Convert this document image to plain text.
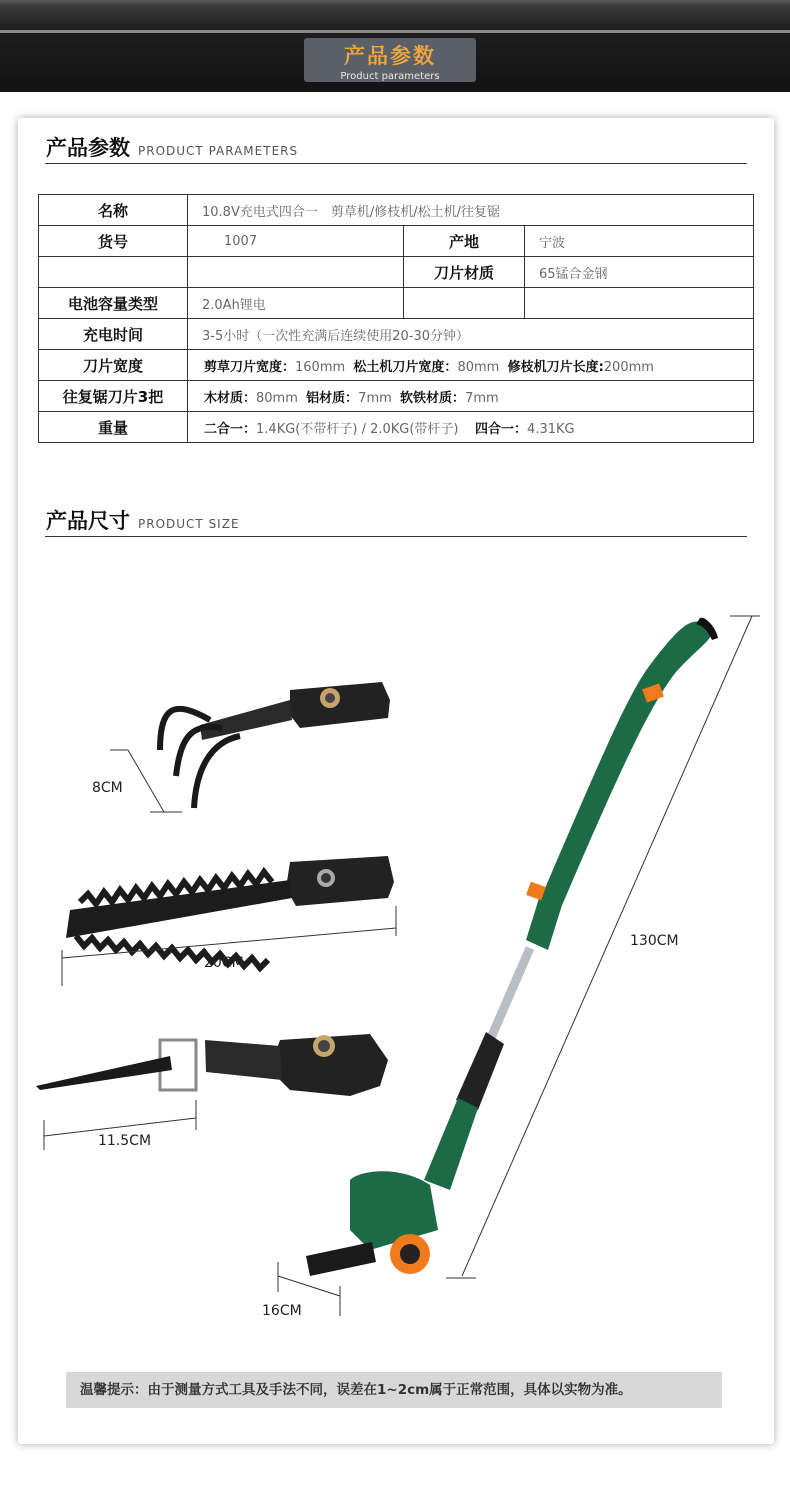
产品参数
Product parameters
产品参数 PRODUCT PARAMETERS
名称	10.8V充电式四合一　剪草机/修枝机/松土机/往复锯		
货号	1007	产地	宁波
		刀片材质	65锰合金钢
电池容量类型	2.0Ah锂电		
充电时间	3-5小时（一次性充满后连续使用20-30分钟）		
刀片宽度	剪草刀片宽度：160mm 松土机刀片宽度：80mm 修枝机刀片长度:200mm		
往复锯刀片3把	木材质：80mm 铝材质：7mm 软铁材质：7mm		
重量	二合一：1.4KG(不带杆子) / 2.0KG(带杆子) 四合一：4.31KG		
产品尺寸 PRODUCT SIZE
8CM
20CM
11.5CM
130CM
16CM
温馨提示：由于测量方式工具及手法不同，误差在1~2cm属于正常范围，具体以实物为准。
